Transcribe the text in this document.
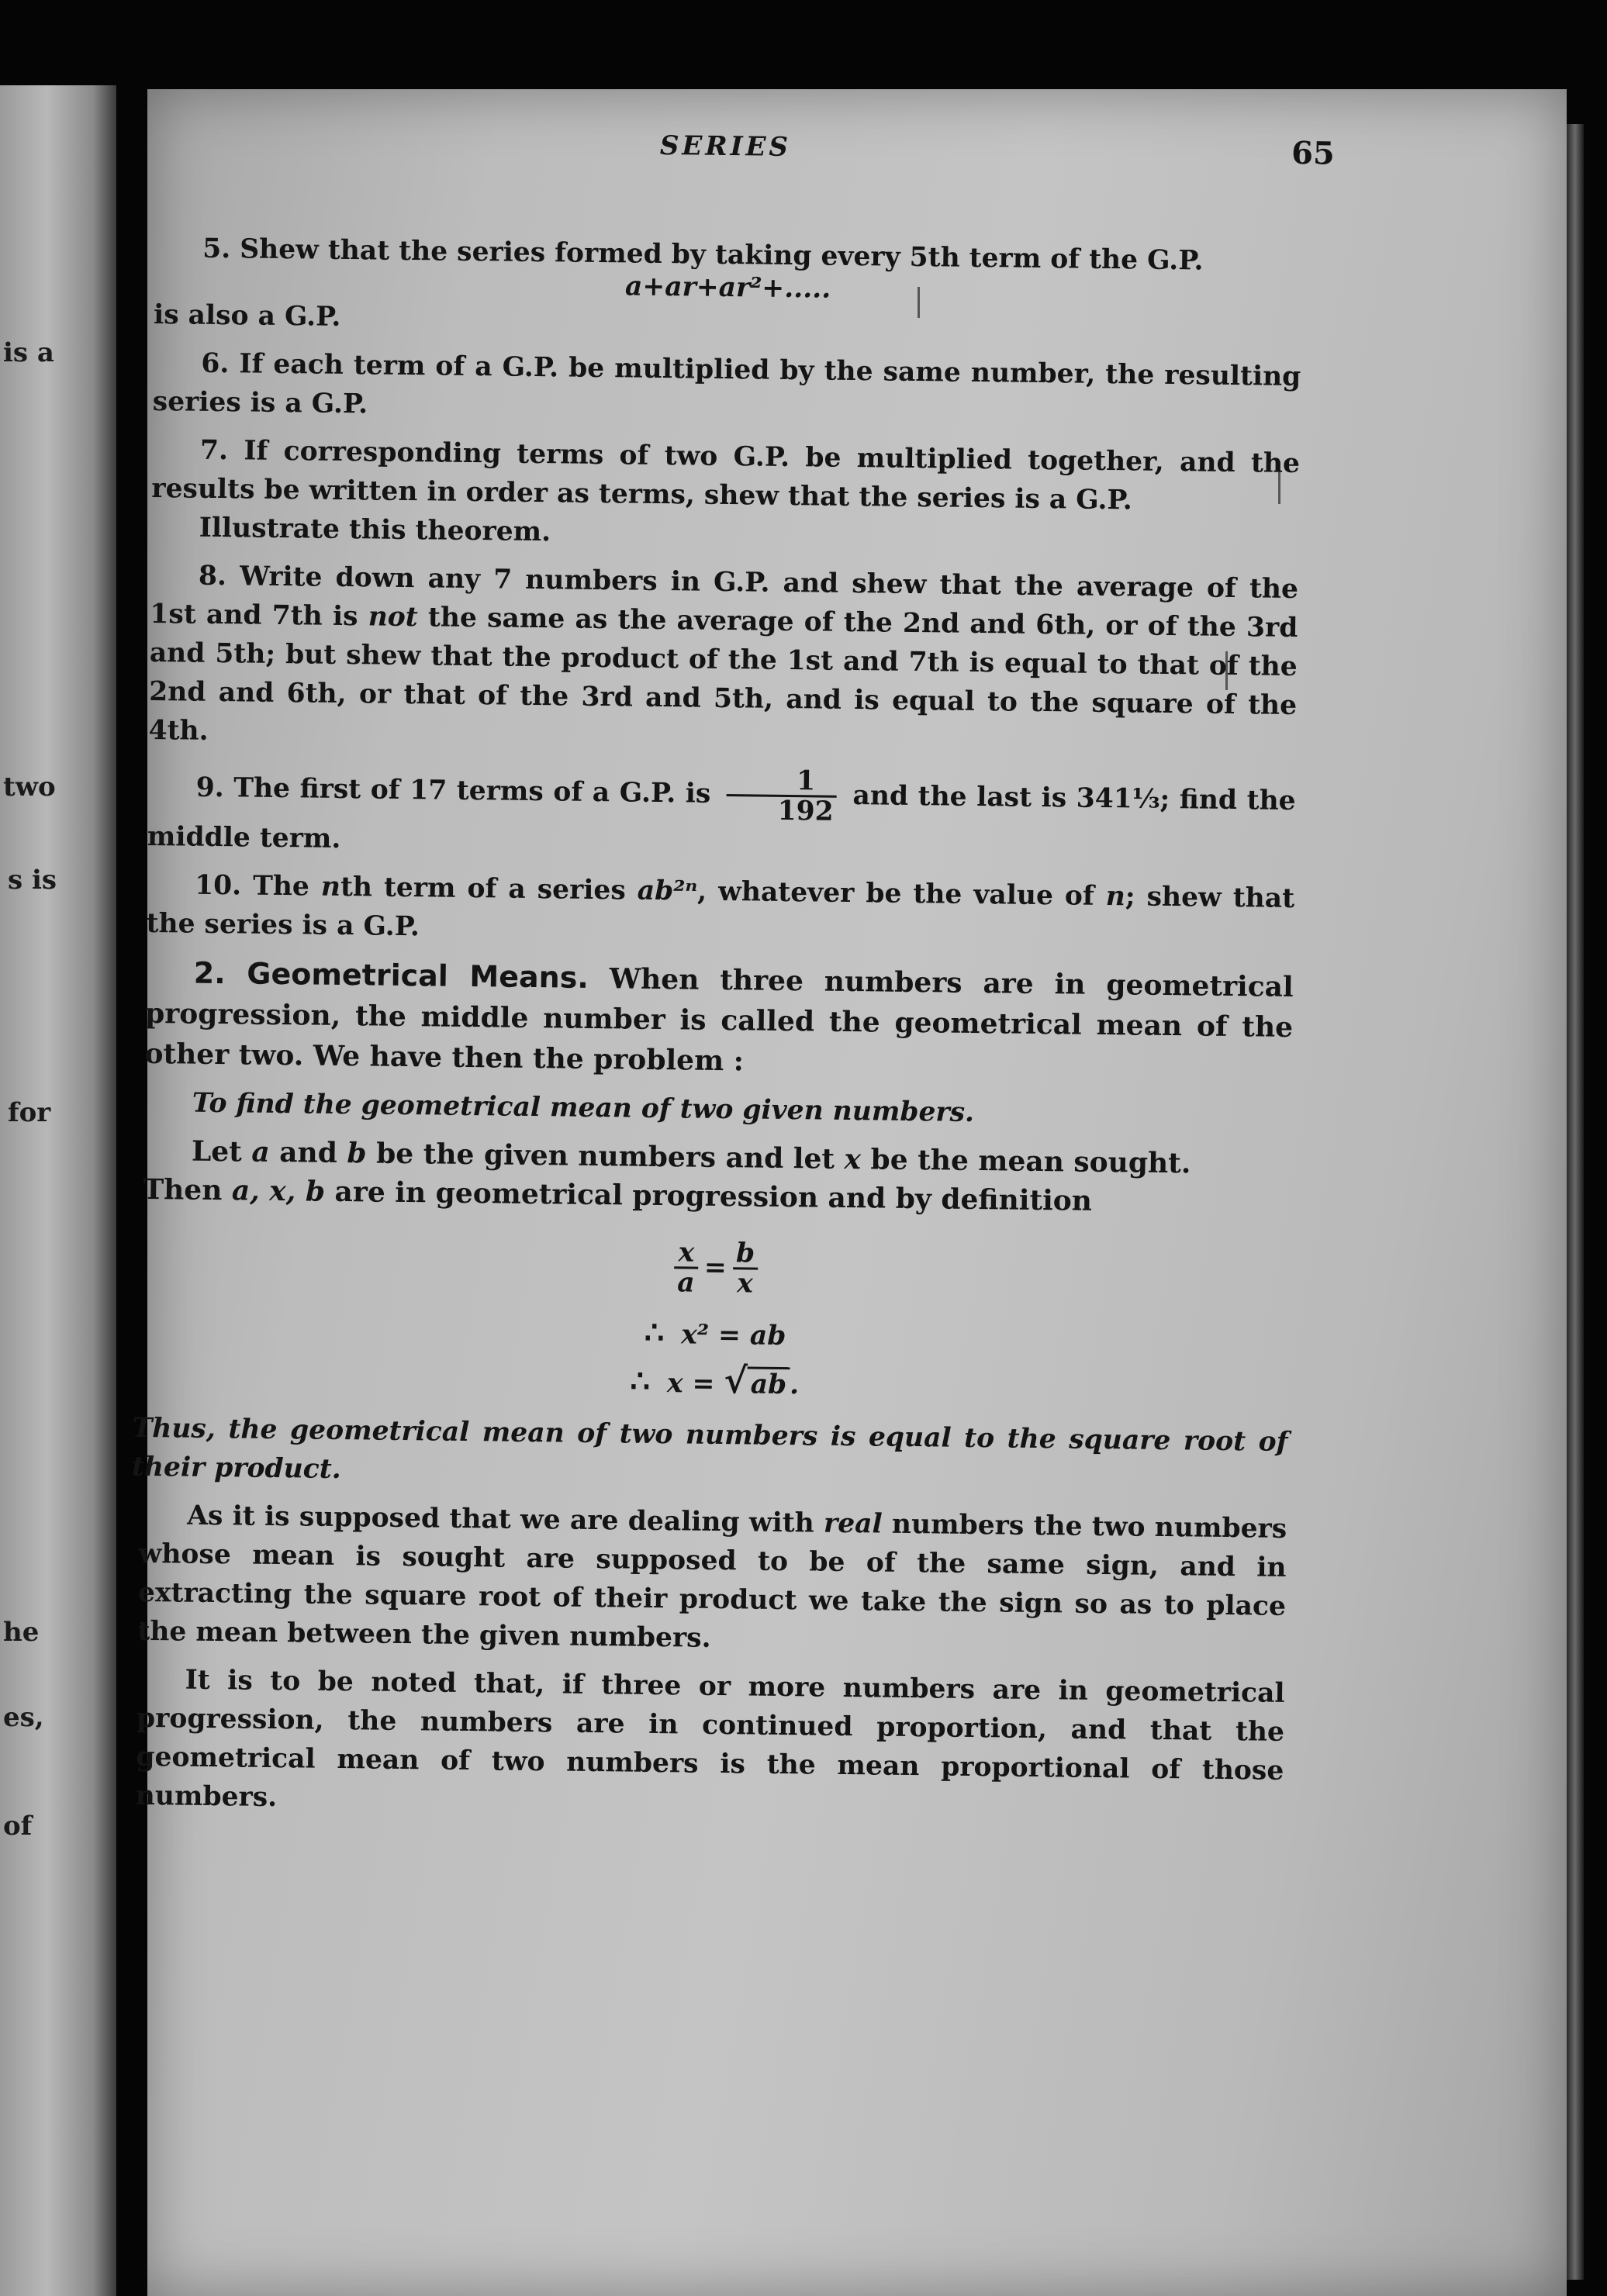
is a
two
s is
for
he
es,
of
SERIES	65

5. Shew that the series formed by taking every 5th term of the G.P.

a+ar+ar²+.....

is also a G.P.

6. If each term of a G.P. be multiplied by the same number, the resulting series is a G.P.

7. If corresponding terms of two G.P. be multiplied together, and the results be written in order as terms, shew that the series is a G.P.

Illustrate this theorem.

8. Write down any 7 numbers in G.P. and shew that the average of the 1st and 7th is not the same as the average of the 2nd and 6th, or of the 3rd and 5th; but shew that the product of the 1st and 7th is equal to that of the 2nd and 6th, or that of the 3rd and 5th, and is equal to the square of the 4th.

9. The first of 17 terms of a G.P. is $\frac{1}{192}$ and the last is 341⅓; find the middle term.

10. The nth term of a series ab²ⁿ, whatever be the value of n; shew that the series is a G.P.

2. Geometrical Means. When three numbers are in geometrical progression, the middle number is called the geometrical mean of the other two. We have then the problem :

To find the geometrical mean of two given numbers.

Let a and b be the given numbers and let x be the mean sought.

Then a, x, b are in geometrical progression and by definition

$\frac{x}{a} = \frac{b}{x}$
∴ x² = ab
∴ x = √ab .

Thus, the geometrical mean of two numbers is equal to the square root of their product.

As it is supposed that we are dealing with real numbers the two numbers whose mean is sought are supposed to be of the same sign, and in extracting the square root of their product we take the sign so as to place the mean between the given numbers.

It is to be noted that, if three or more numbers are in geometrical progression, the numbers are in continued proportion, and that the geometrical mean of two numbers is the mean proportional of those numbers.
